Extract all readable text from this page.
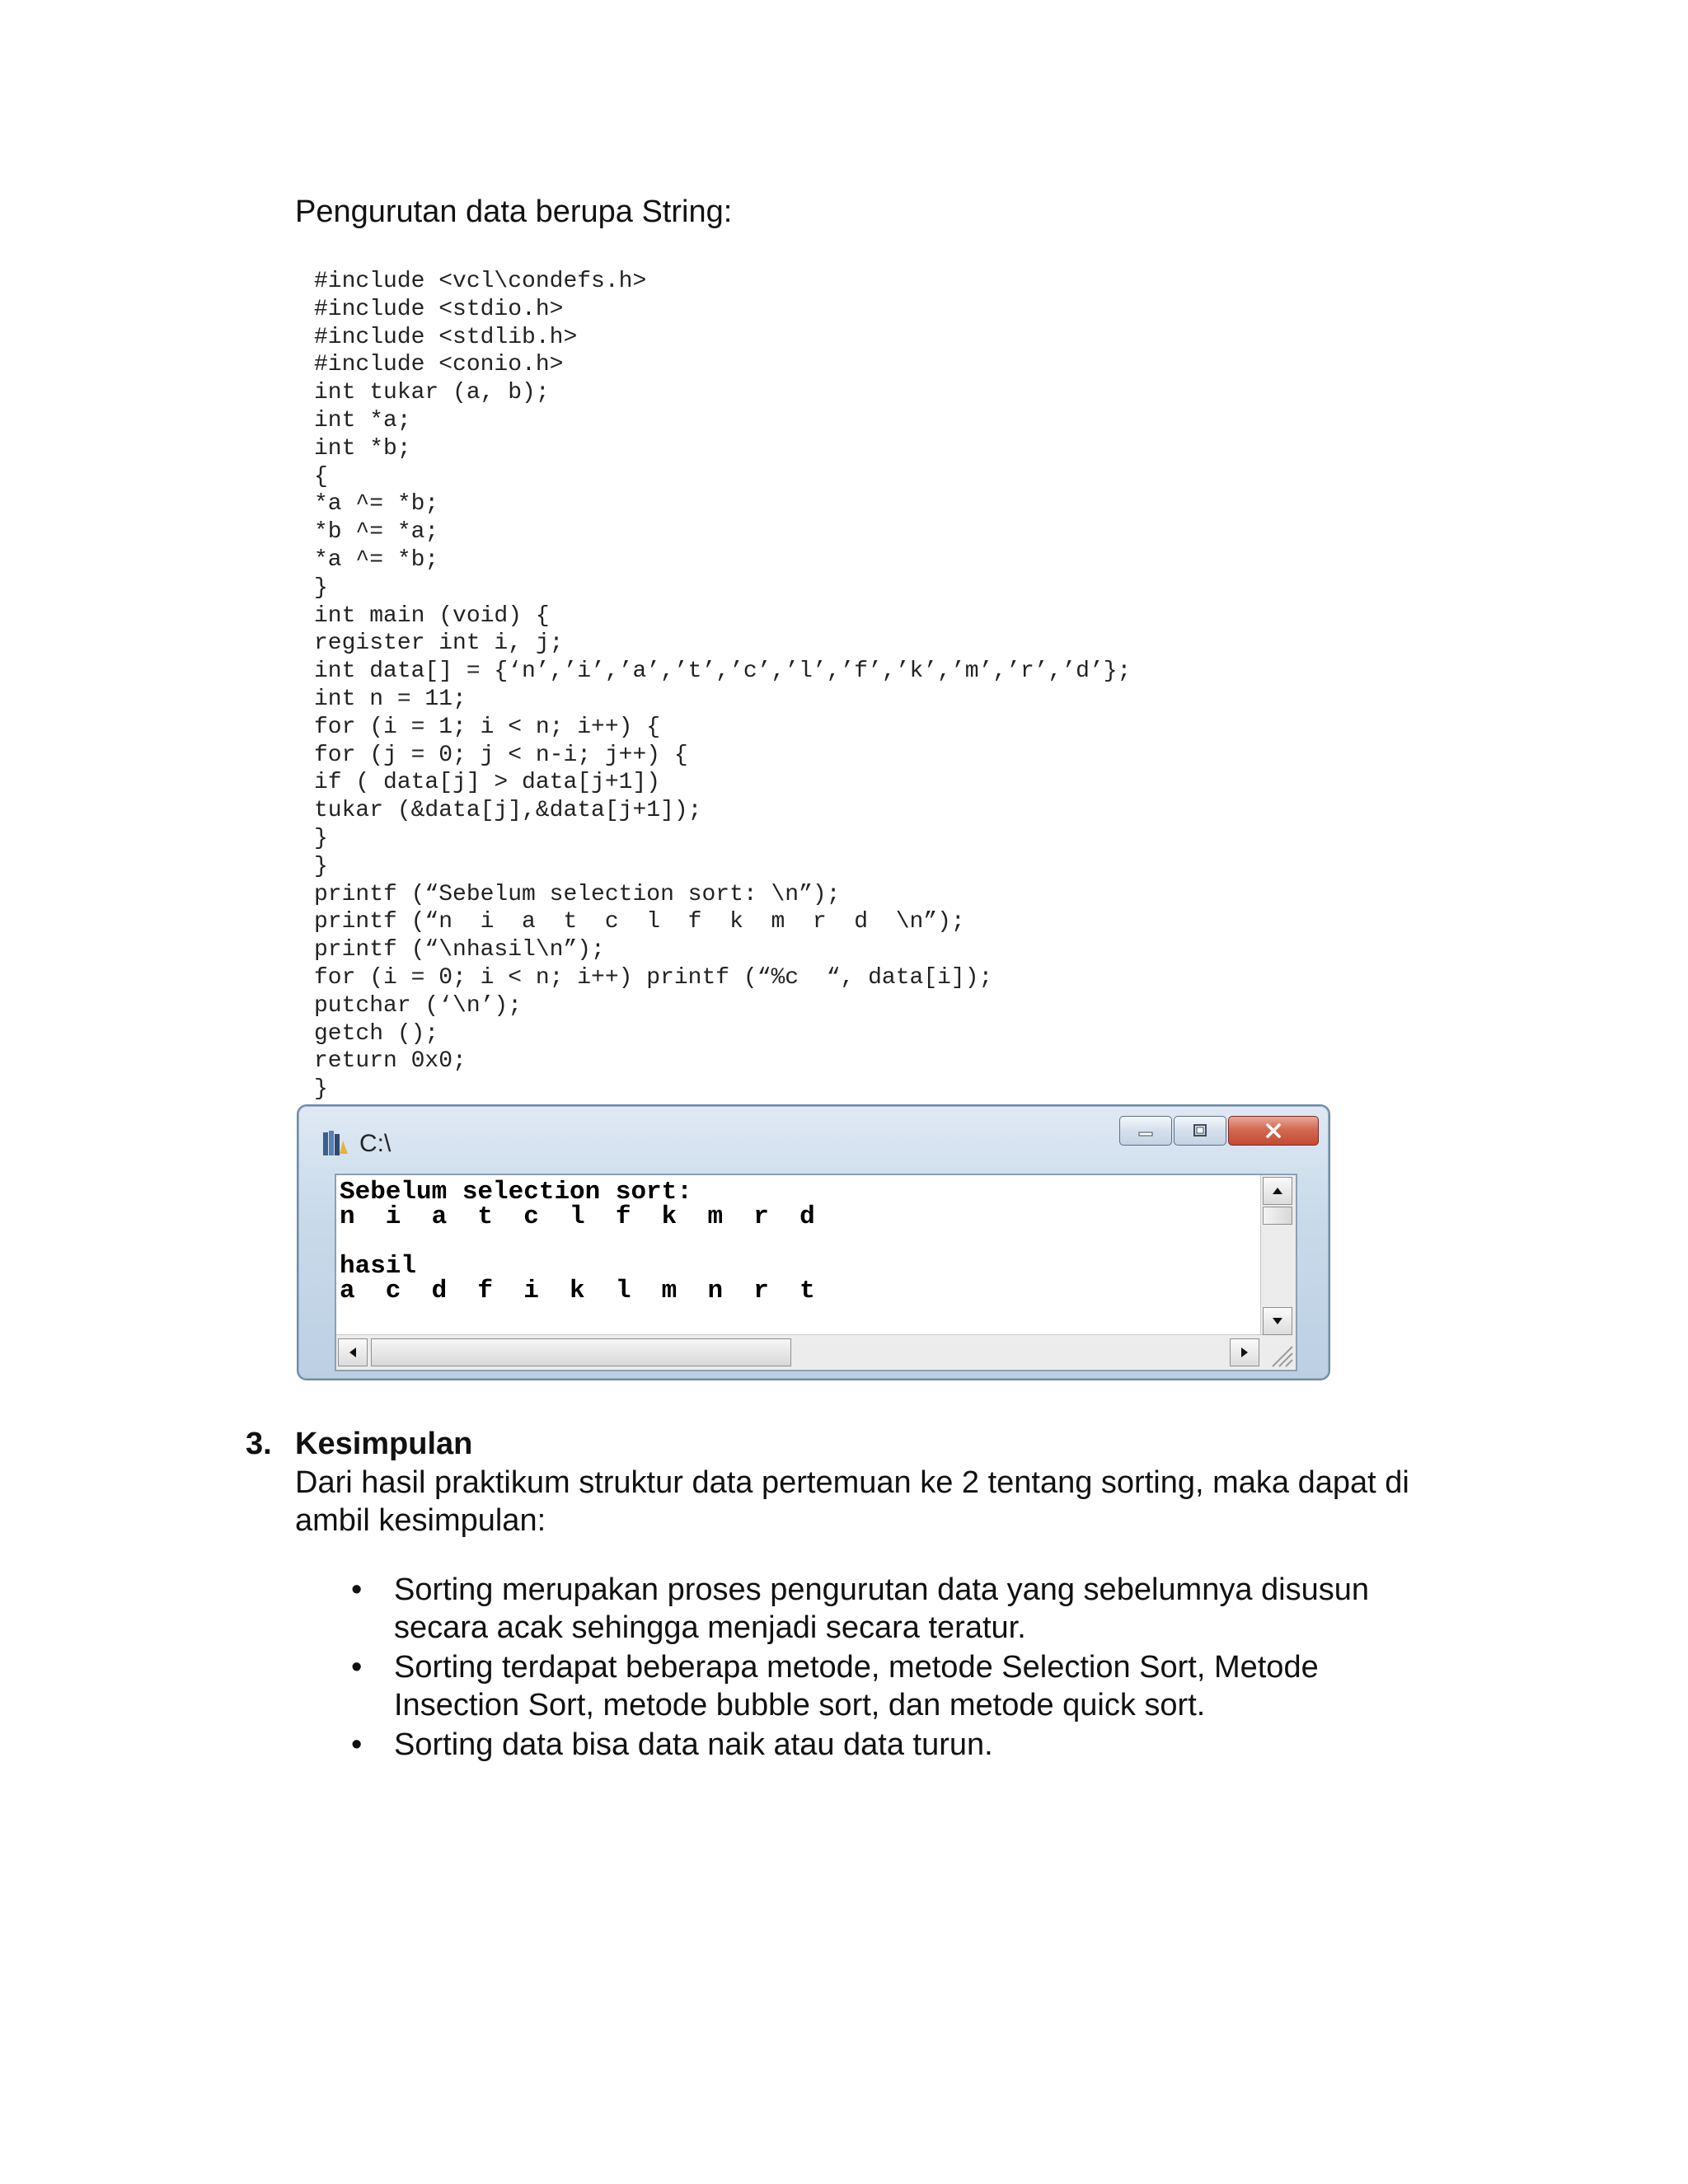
Pengurutan data berupa String:

#include <vcl\condefs.h>
#include <stdio.h>
#include <stdlib.h>
#include <conio.h>
int tukar (a, b);
int *a;
int *b;
{
*a ^= *b;
*b ^= *a;
*a ^= *b;
}
int main (void) {
register int i, j;
int data[] = {‘n’,’i’,’a’,’t’,’c’,’l’,’f’,’k’,’m’,’r’,’d’};
int n = 11;
for (i = 1; i < n; i++) {
for (j = 0; j < n-i; j++) {
if ( data[j] > data[j+1])
tukar (&data[j],&data[j+1]);
}
}
printf (“Sebelum selection sort: \n”);
printf (“n  i  a  t  c  l  f  k  m  r  d  \n”);
printf (“\nhasil\n”);
for (i = 0; i < n; i++) printf (“%c  “, data[i]);
putchar (‘\n’);
getch ();
return 0x0;
}
C:\
Sebelum selection sort:
n  i  a  t  c  l  f  k  m  r  d
hasil
a  c  d  f  i  k  l  m  n  r  t
3. Kesimpulan

Dari hasil praktikum struktur data pertemuan ke 2 tentang sorting, maka dapat di ambil kesimpulan:

• Sorting merupakan proses pengurutan data yang sebelumnya disusun secara acak sehingga menjadi secara teratur.
• Sorting terdapat beberapa metode, metode Selection Sort, Metode Insection Sort, metode bubble sort, dan metode quick sort.
• Sorting data bisa data naik atau data turun.
